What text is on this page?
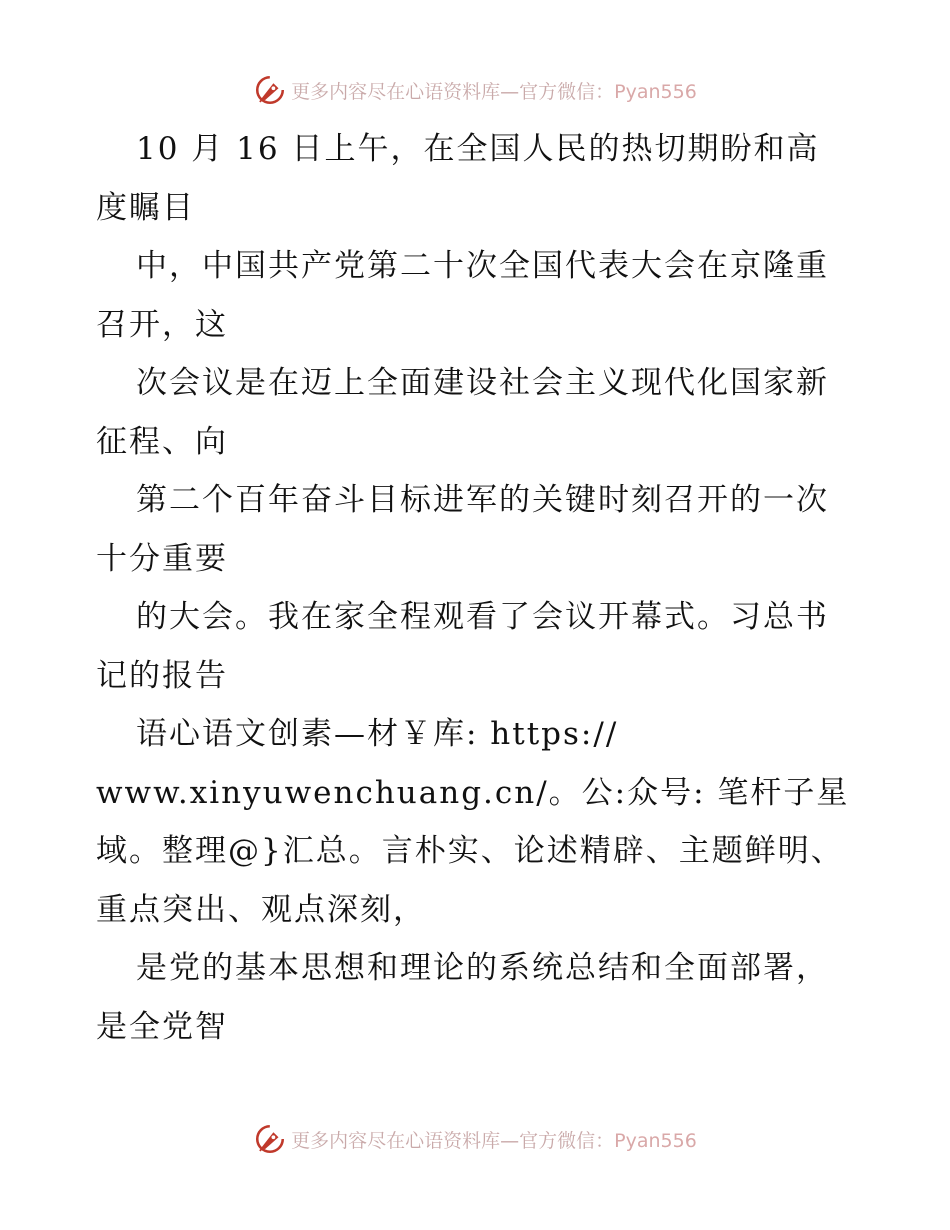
更多内容尽在心语资料库—官方微信：Pyan556
10 月 16 日上午，在全国人民的热切期盼和高
度瞩目
中，中国共产党第二十次全国代表大会在京隆重
召开，这
次会议是在迈上全面建设社会主义现代化国家新
征程、向
第二个百年奋斗目标进军的关键时刻召开的一次
十分重要
的大会。我在家全程观看了会议开幕式。习总书
记的报告
语心语文创素—材￥库: https://
www.xinyuwenchuang.cn/。公:众号: 笔杆子星
域。整理@}汇总。言朴实、论述精辟、主题鲜明、
重点突出、观点深刻，
是党的基本思想和理论的系统总结和全面部署，
是全党智
更多内容尽在心语资料库—官方微信：Pyan556
